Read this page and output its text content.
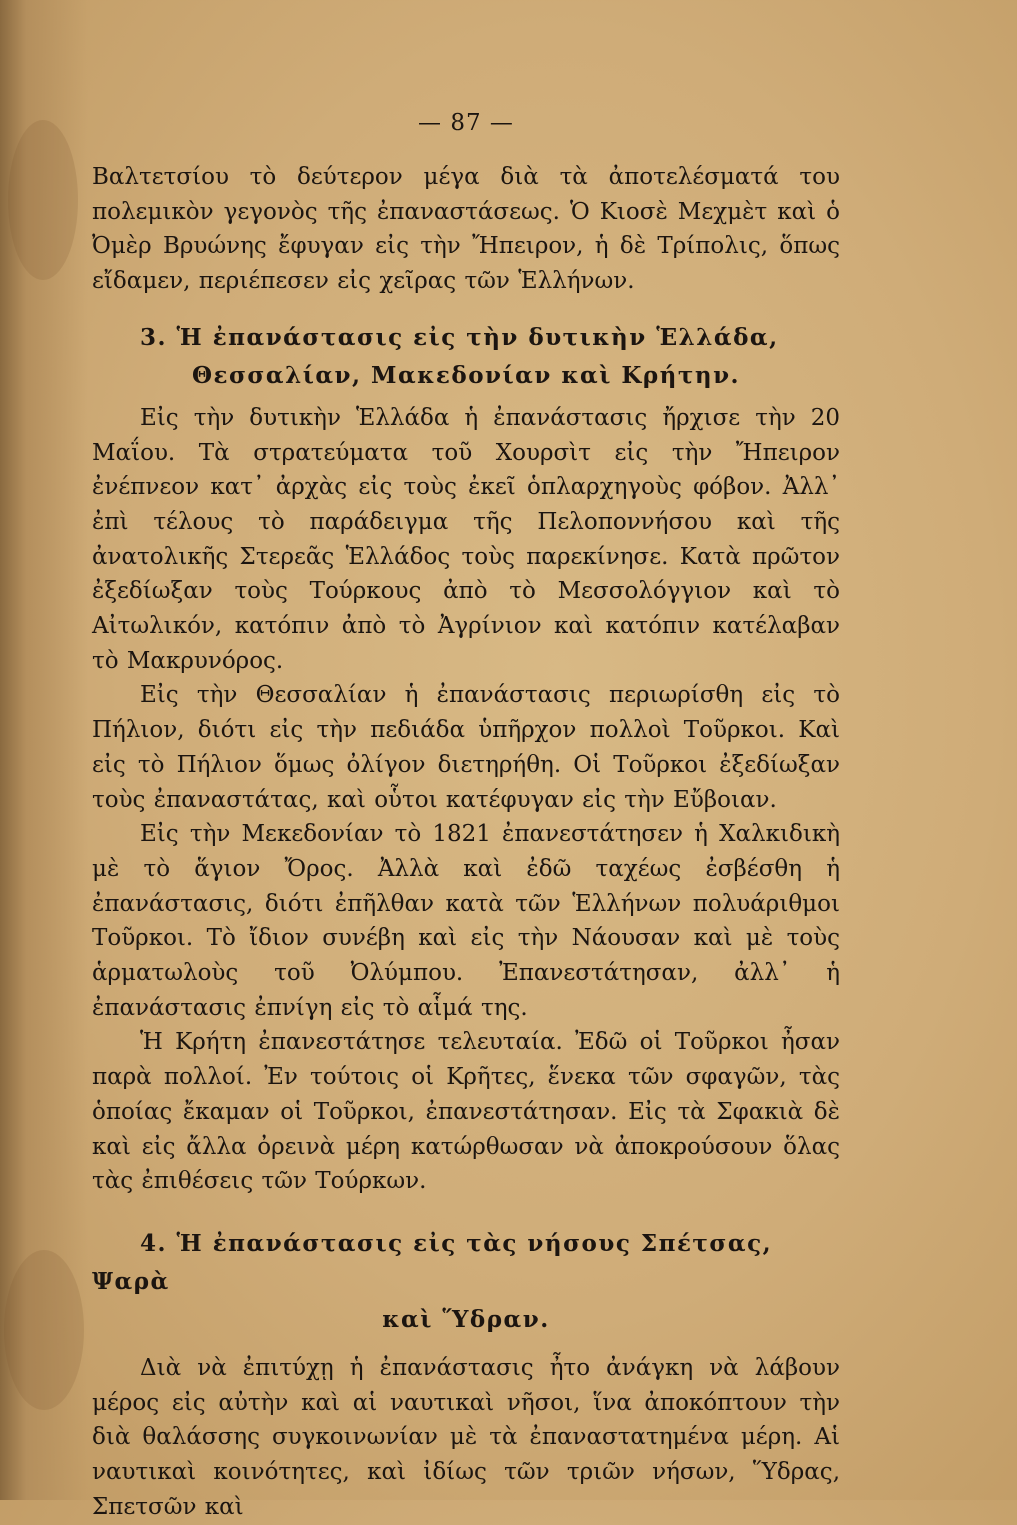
— 87 —

Βαλτετσίου τὸ δεύτερον μέγα διὰ τὰ ἀποτελέσματά του πολεμικὸν γεγονὸς τῆς ἐπαναστάσεως. Ὁ Κιοσὲ Μεχμὲτ καὶ ὁ Ὀμὲρ Βρυώνης ἔφυγαν εἰς τὴν Ἤπειρον, ἡ δὲ Τρίπολις, ὅπως εἴδαμεν, περιέπεσεν εἰς χεῖρας τῶν Ἑλλήνων.

3. Ἡ ἐπανάστασις εἰς τὴν δυτικὴν Ἑλλάδα,
Θεσσαλίαν, Μακεδονίαν καὶ Κρήτην.

Εἰς τὴν δυτικὴν Ἑλλάδα ἡ ἐπανάστασις ἤρχισε τὴν 20 Μαΐου. Τὰ στρατεύματα τοῦ Χουρσὶτ εἰς τὴν Ἤπειρον ἐνέπνεον κατ᾽ ἀρχὰς εἰς τοὺς ἐκεῖ ὁπλαρχηγοὺς φόβον. Ἀλλ᾽ ἐπὶ τέλους τὸ παράδειγμα τῆς Πελοποννήσου καὶ τῆς ἀνατολικῆς Στερεᾶς Ἑλλάδος τοὺς παρεκίνησε. Κατὰ πρῶτον ἐξεδίωξαν τοὺς Τούρκους ἀπὸ τὸ Μεσσολόγγιον καὶ τὸ Αἰτωλικόν, κατόπιν ἀπὸ τὸ Ἀγρίνιον καὶ κατόπιν κατέλαβαν τὸ Μακρυνόρος.

Εἰς τὴν Θεσσαλίαν ἡ ἐπανάστασις περιωρίσθη εἰς τὸ Πήλιον, διότι εἰς τὴν πεδιάδα ὑπῆρχον πολλοὶ Τοῦρκοι. Καὶ εἰς τὸ Πήλιον ὅμως ὀλίγον διετηρήθη. Οἱ Τοῦρκοι ἐξεδίωξαν τοὺς ἐπαναστάτας, καὶ οὗτοι κατέφυγαν εἰς τὴν Εὔβοιαν.

Εἰς τὴν Μεκεδονίαν τὸ 1821 ἐπανεστάτησεν ἡ Χαλκιδικὴ μὲ τὸ ἅγιον Ὄρος. Ἀλλὰ καὶ ἐδῶ ταχέως ἐσβέσθη ἡ ἐπανάστασις, διότι ἐπῆλθαν κατὰ τῶν Ἑλλήνων πολυάριθμοι Τοῦρκοι. Τὸ ἴδιον συνέβη καὶ εἰς τὴν Νάουσαν καὶ μὲ τοὺς ἁρματωλοὺς τοῦ Ὀλύμπου. Ἐπανεστάτησαν, ἀλλ᾽ ἡ ἐπανάστασις ἐπνίγη εἰς τὸ αἷμά της.

Ἡ Κρήτη ἐπανεστάτησε τελευταία. Ἐδῶ οἱ Τοῦρκοι ἦσαν παρὰ πολλοί. Ἐν τούτοις οἱ Κρῆτες, ἕνεκα τῶν σφαγῶν, τὰς ὁποίας ἔκαμαν οἱ Τοῦρκοι, ἐπανεστάτησαν. Εἰς τὰ Σφακιὰ δὲ καὶ εἰς ἄλλα ὀρεινὰ μέρη κατώρθωσαν νὰ ἀποκρούσουν ὅλας τὰς ἐπιθέσεις τῶν Τούρκων.

4. Ἡ ἐπανάστασις εἰς τὰς νήσους Σπέτσας, Ψαρὰ
καὶ Ὕδραν.

Διὰ νὰ ἐπιτύχῃ ἡ ἐπανάστασις ἦτο ἀνάγκη νὰ λάβουν μέρος εἰς αὐτὴν καὶ αἱ ναυτικαὶ νῆσοι, ἵνα ἀποκόπτουν τὴν διὰ θαλάσσης συγκοινωνίαν μὲ τὰ ἐπαναστατημένα μέρη. Αἱ ναυτικαὶ κοινότητες, καὶ ἰδίως τῶν τριῶν νήσων, Ὕδρας, Σπετσῶν καὶ
